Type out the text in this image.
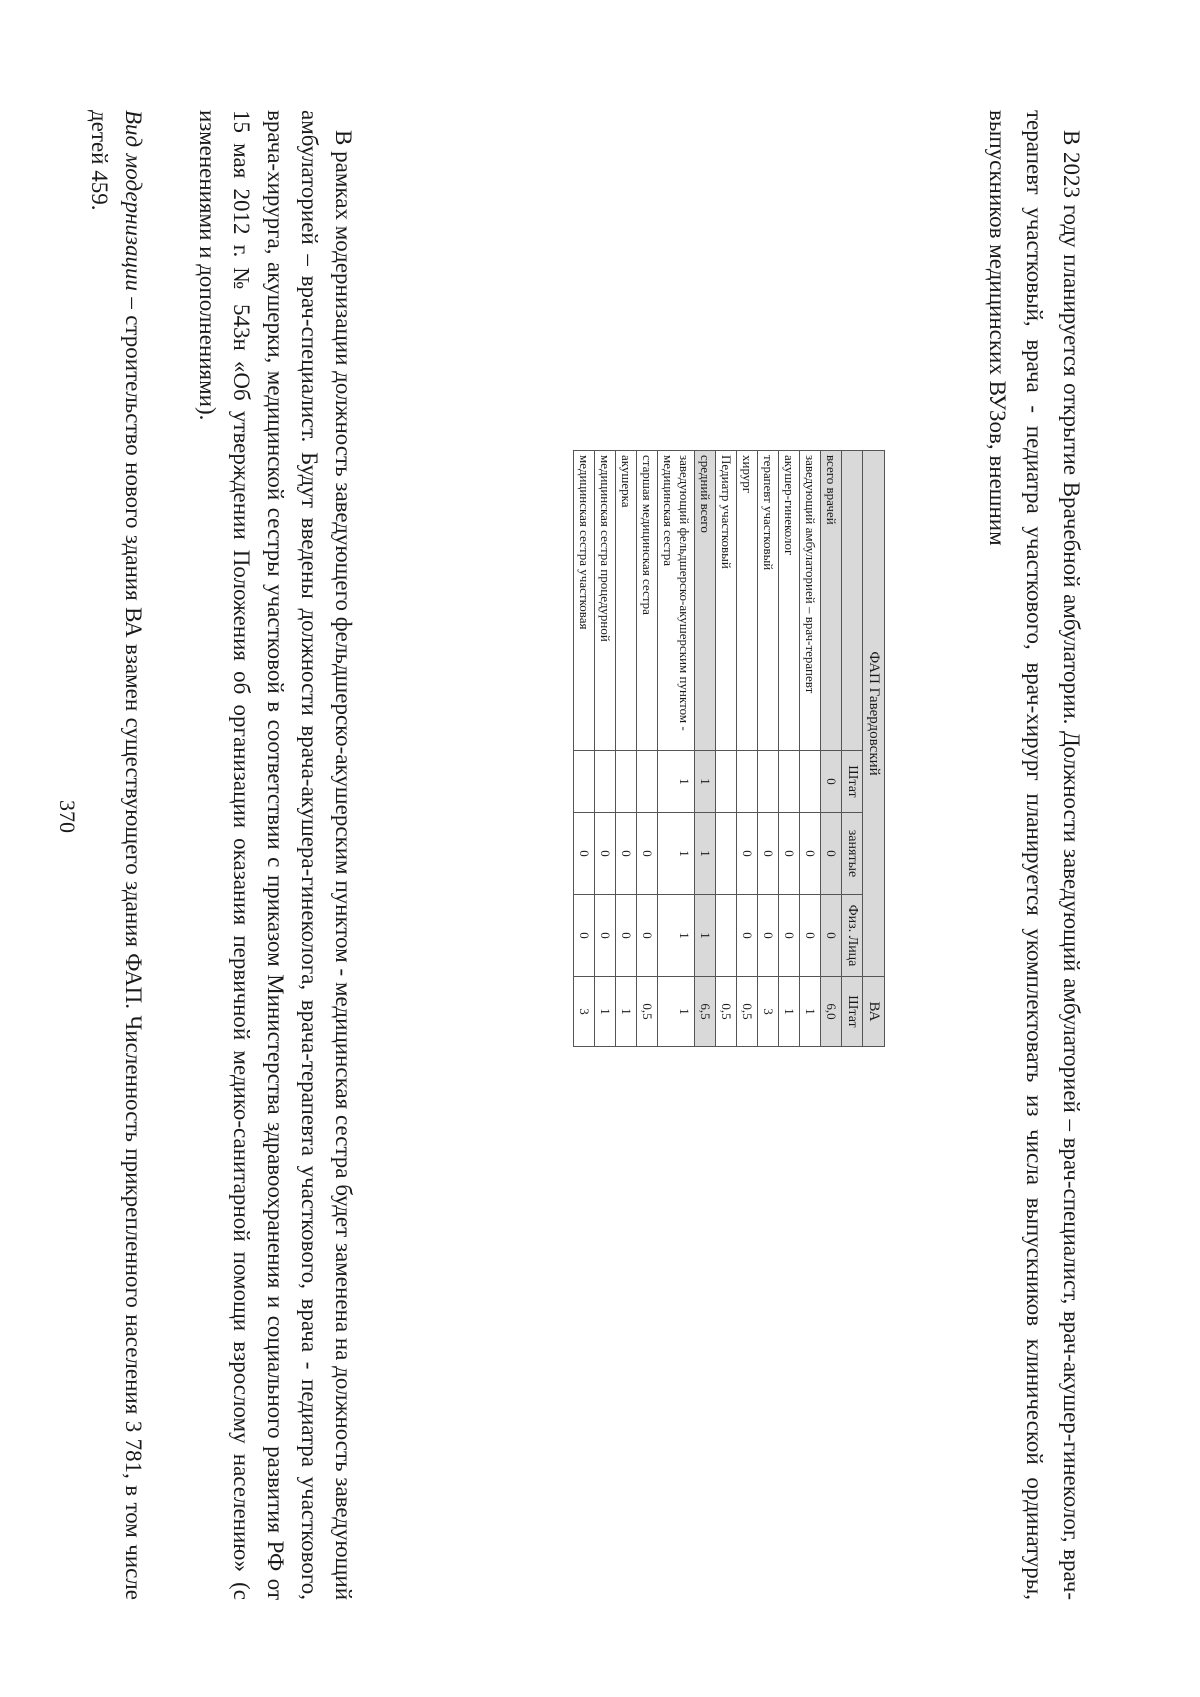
370
Вид модернизации – строительство нового здания ВА взамен существующего здания ФАП. Численность прикрепленного населения 3 781, в том числе детей 459.	В рамках модернизации должность заведующего фельдшерско-акушерским пунктом - медицинская сестра будет заменена на должность заведующий амбулаторией – врач-специалист. Будут введены должности врача-акушера-гинеколога, врача-терапевта участкового, врача - педиатра участкового, врача-хирурга, акушерки, медицинской сестры участковой в соответствии с приказом Министерства здравоохранения и социального развития РФ от 15 мая 2012 г. № 543н «Об утверждении Положения об организации оказания первичной медико-санитарной помощи взрослому населению» (с изменениями и дополнениями).
ФАП Гавердовский				ВА
	Штат	занятые	Физ. Лица	Штат
всего врачей	0	0	0	6,0
заведующий амбулаторией – врач-терапевт		0	0	1
акушер-гинеколог		0	0	1
терапевт участковый		0	0	3
хирург		0	0	0,5
Педиатр участковый				0,5
средний всего	1	1	1	6,5
заведующий фельдшерско-акушерским пунктом - медицинская сестра	1	1	1	1
старшая медицинская сестра		0	0	0,5
акушерка		0	0	1
медицинская сестра процедурной		0	0	1
медицинская сестра участковая		0	0	3	В 2023 году планируется открытие Врачебной амбулатории. Должности заведующий амбулаторией – врач-специалист, врач-акушер-гинеколог, врач-терапевт участковый, врача - педиатра участкового, врач-хирург планируется укомплектовать из числа выпускников клинической ординатуры, выпускников медицинских ВУЗов, внешним
